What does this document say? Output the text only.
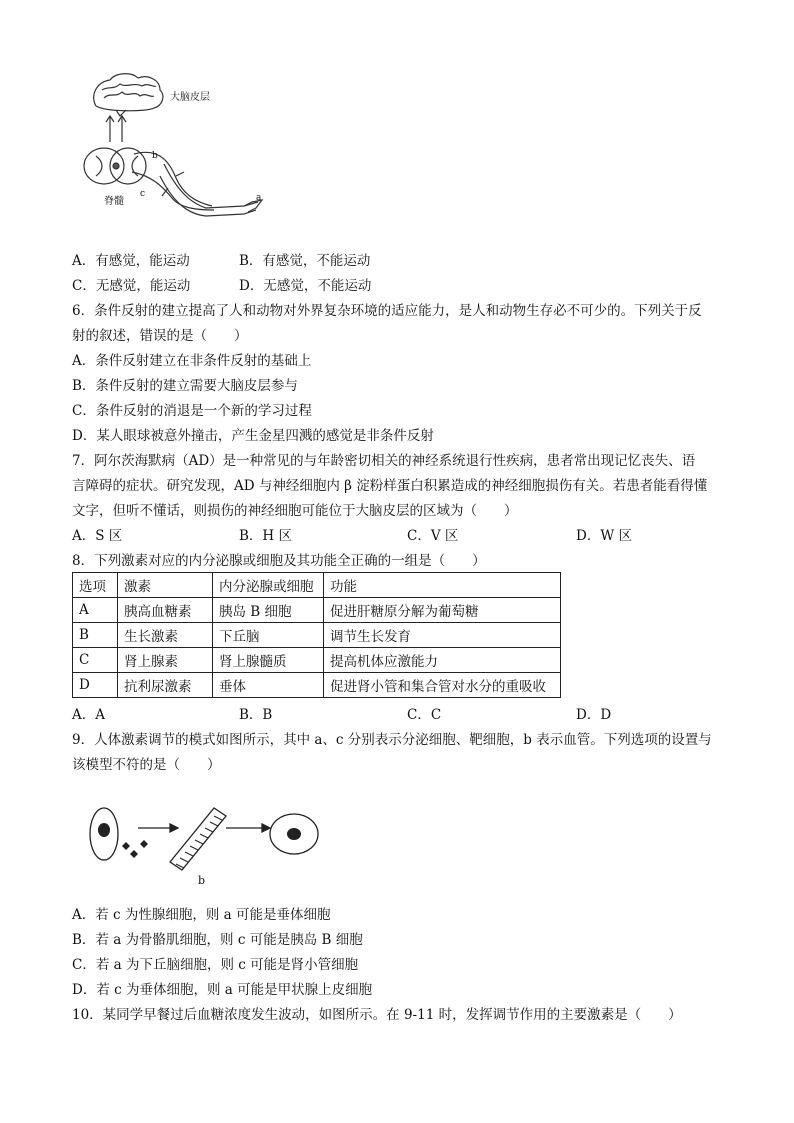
大脑皮层
脊髓	a
b
c
A．有感觉，能运动	B．有感觉，不能运动
C．无感觉，能运动	D．无感觉，不能运动
6．条件反射的建立提高了人和动物对外界复杂环境的适应能力，是人和动物生存必不可少的。下列关于反
射的叙述，错误的是（　　）
A．条件反射建立在非条件反射的基础上
B．条件反射的建立需要大脑皮层参与
C．条件反射的消退是一个新的学习过程
D．某人眼球被意外撞击，产生金星四溅的感觉是非条件反射
7．阿尔茨海默病（AD）是一种常见的与年龄密切相关的神经系统退行性疾病，患者常出现记忆丧失、语
言障碍的症状。研究发现，AD 与神经细胞内 β 淀粉样蛋白积累造成的神经细胞损伤有关。若患者能看得懂
文字，但听不懂话，则损伤的神经细胞可能位于大脑皮层的区域为（　　）
A．S 区	B．H 区	C．V 区	D．W 区
8．下列激素对应的内分泌腺或细胞及其功能全正确的一组是（　　）
选项	激素	内分泌腺或细胞	功能
A	胰高血糖素	胰岛 B 细胞	促进肝糖原分解为葡萄糖
B	生长激素	下丘脑	调节生长发育
C	肾上腺素	肾上腺髓质	提高机体应激能力
D	抗利尿激素	垂体	促进肾小管和集合管对水分的重吸收
A．A	B．B	C．C	D．D
9．人体激素调节的模式如图所示，其中 a、c 分别表示分泌细胞、靶细胞，b 表示血管。下列选项的设置与
该模型不符的是（　　）
b
A．若 c 为性腺细胞，则 a 可能是垂体细胞
B．若 a 为骨骼肌细胞，则 c 可能是胰岛 B 细胞
C．若 a 为下丘脑细胞，则 c 可能是肾小管细胞
D．若 c 为垂体细胞，则 a 可能是甲状腺上皮细胞
10．某同学早餐过后血糖浓度发生波动，如图所示。在 9-11 时，发挥调节作用的主要激素是（　　）
